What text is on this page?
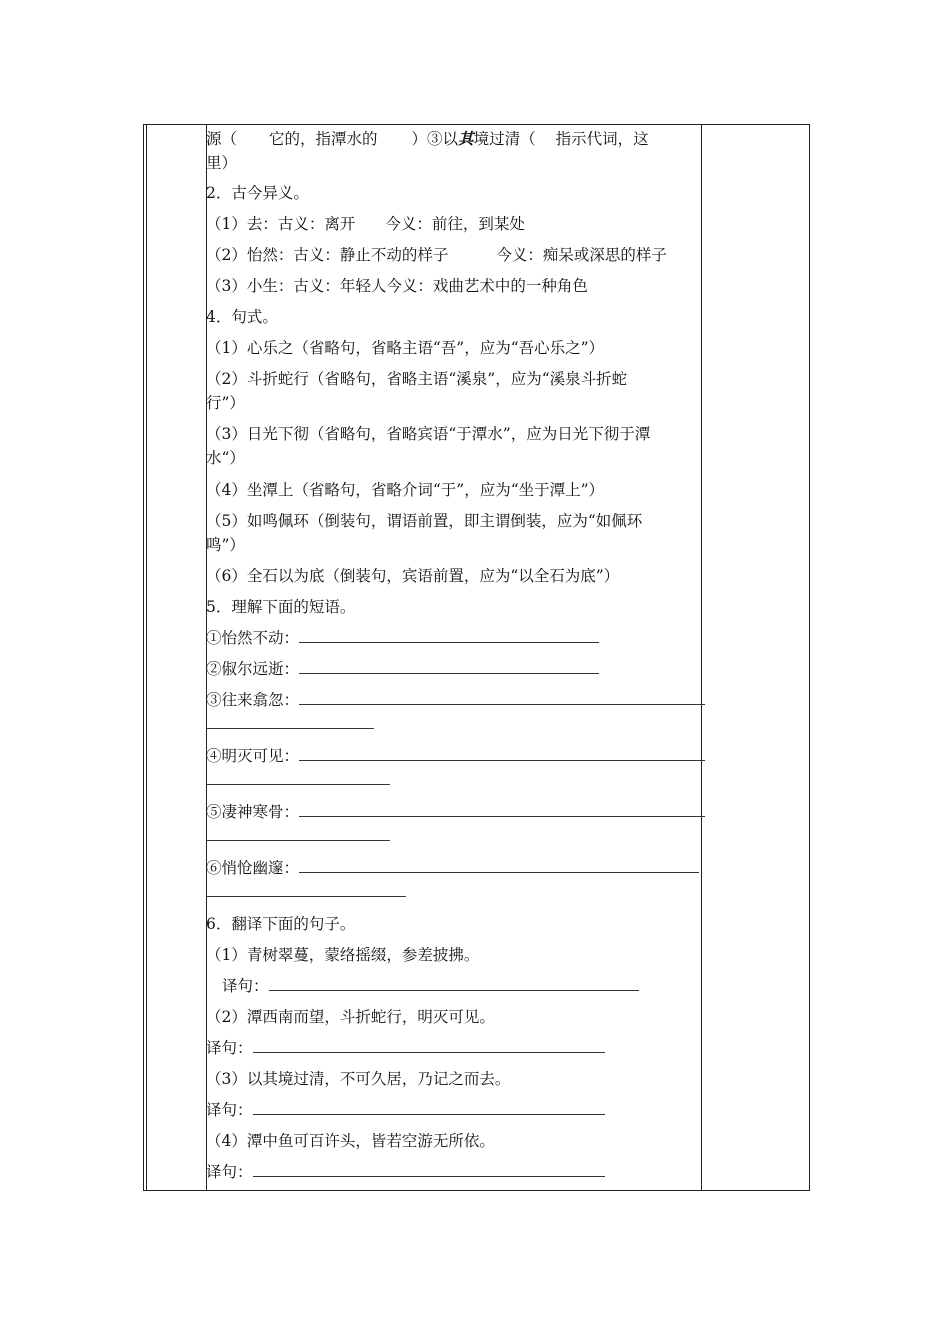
源（ 它的，指潭水的 ）③以其境过清（ 指示代词，这
里）
2．古今异义。
（1）去：古义：离开 今义：前往，到某处
（2）怡然：古义：静止不动的样子	今义：痴呆或深思的样子
（3）小生：古义：年轻人今义：戏曲艺术中的一种角色
4．句式。
（1）心乐之（省略句，省略主语“吾”，应为“吾心乐之”）
（2）斗折蛇行（省略句，省略主语“溪泉”，应为“溪泉斗折蛇
行”）
（3）日光下彻（省略句，省略宾语“于潭水”，应为日光下彻于潭
水“）
（4）坐潭上（省略句，省略介词“于”，应为“坐于潭上”）
（5）如鸣佩环（倒装句，谓语前置，即主谓倒装，应为“如佩环
鸣”）
（6）全石以为底（倒装句，宾语前置，应为“以全石为底”）
5．理解下面的短语。
①怡然不动：
②俶尔远逝：
③往来翕忽：
④明灭可见：
⑤凄神寒骨：
⑥悄怆幽邃：
6．翻译下面的句子。
（1）青树翠蔓，蒙络摇缀，参差披拂。
译句：
（2）潭西南而望，斗折蛇行，明灭可见。
译句：
（3）以其境过清，不可久居，乃记之而去。
译句：
（4）潭中鱼可百许头，皆若空游无所依。
译句：
